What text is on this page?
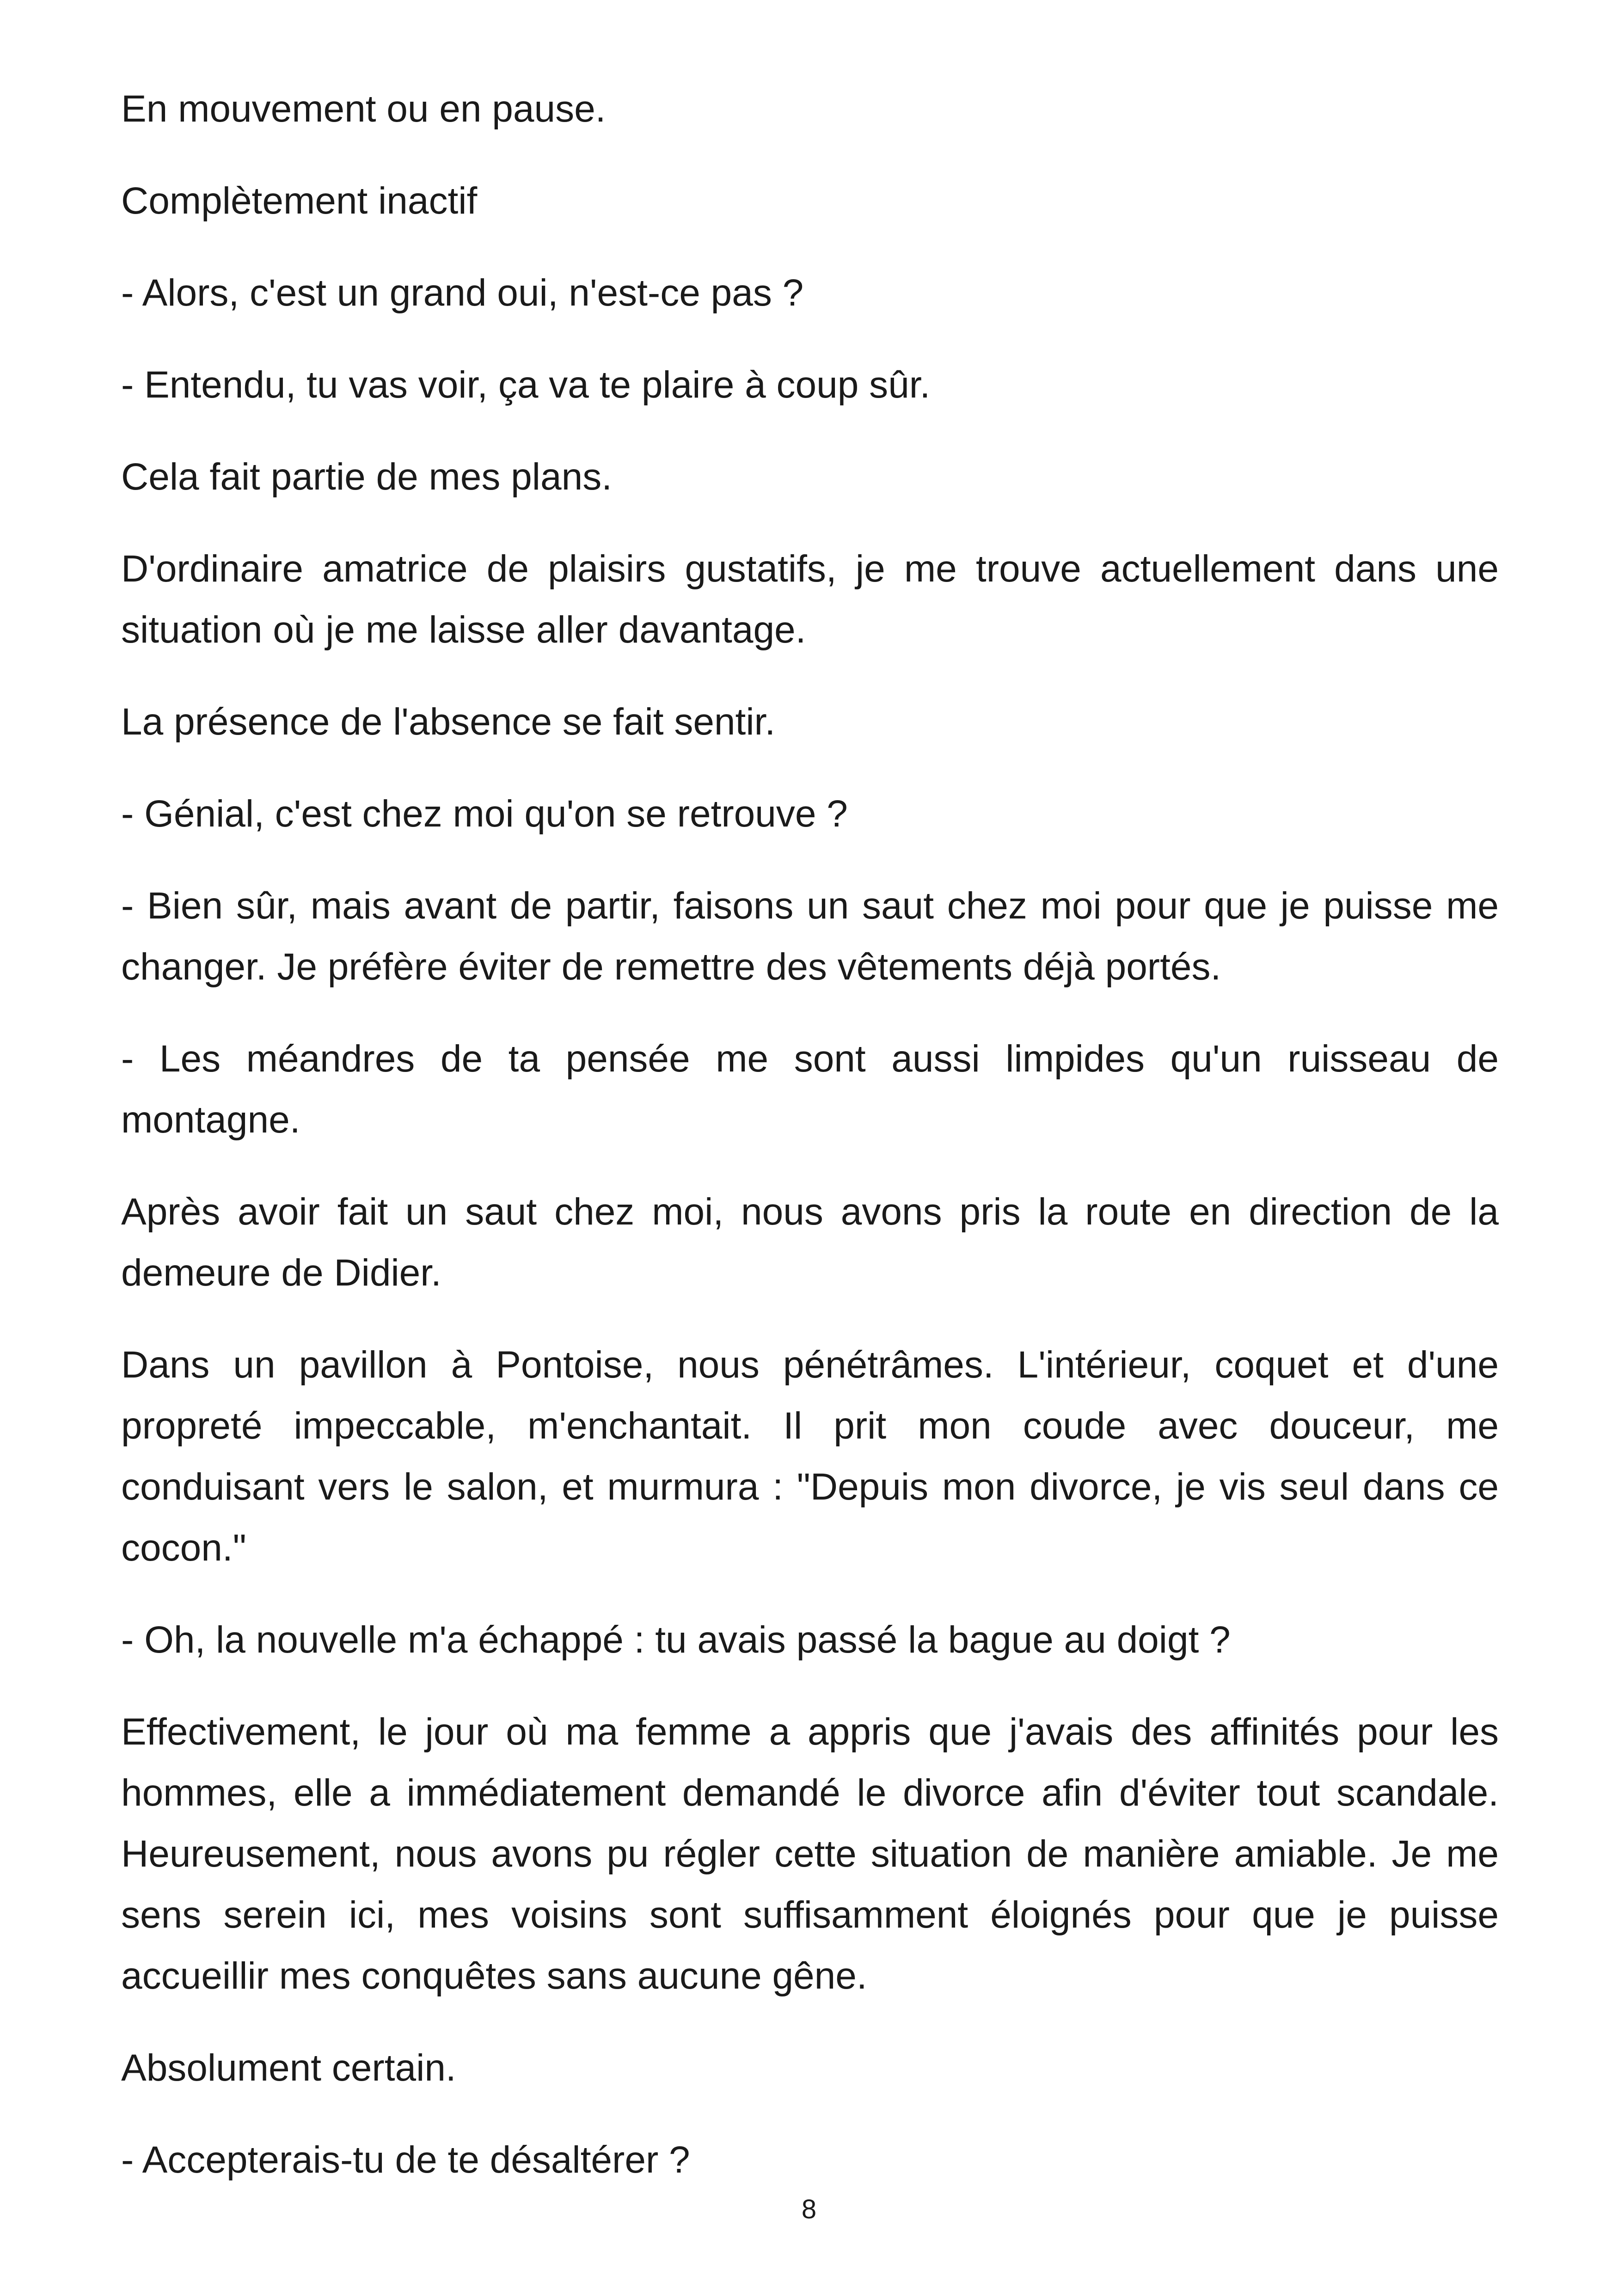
En mouvement ou en pause.

Complètement inactif

- Alors, c'est un grand oui, n'est-ce pas ?

- Entendu, tu vas voir, ça va te plaire à coup sûr.

Cela fait partie de mes plans.

D'ordinaire amatrice de plaisirs gustatifs, je me trouve actuellement dans une situation où je me laisse aller davantage.

La présence de l'absence se fait sentir.

- Génial, c'est chez moi qu'on se retrouve ?

- Bien sûr, mais avant de partir, faisons un saut chez moi pour que je puisse me changer. Je préfère éviter de remettre des vêtements déjà portés.

- Les méandres de ta pensée me sont aussi limpides qu'un ruisseau de montagne.

Après avoir fait un saut chez moi, nous avons pris la route en direction de la demeure de Didier.

Dans un pavillon à Pontoise, nous pénétrâmes. L'intérieur, coquet et d'une propreté impeccable, m'enchantait. Il prit mon coude avec douceur, me conduisant vers le salon, et murmura : "Depuis mon divorce, je vis seul dans ce cocon."

- Oh, la nouvelle m'a échappé : tu avais passé la bague au doigt ?

Effectivement, le jour où ma femme a appris que j'avais des affinités pour les hommes, elle a immédiatement demandé le divorce afin d'éviter tout scandale. Heureusement, nous avons pu régler cette situation de manière amiable. Je me sens serein ici, mes voisins sont suffisamment éloignés pour que je puisse accueillir mes conquêtes sans aucune gêne.

Absolument certain.

- Accepterais-tu de te désaltérer ?

8
